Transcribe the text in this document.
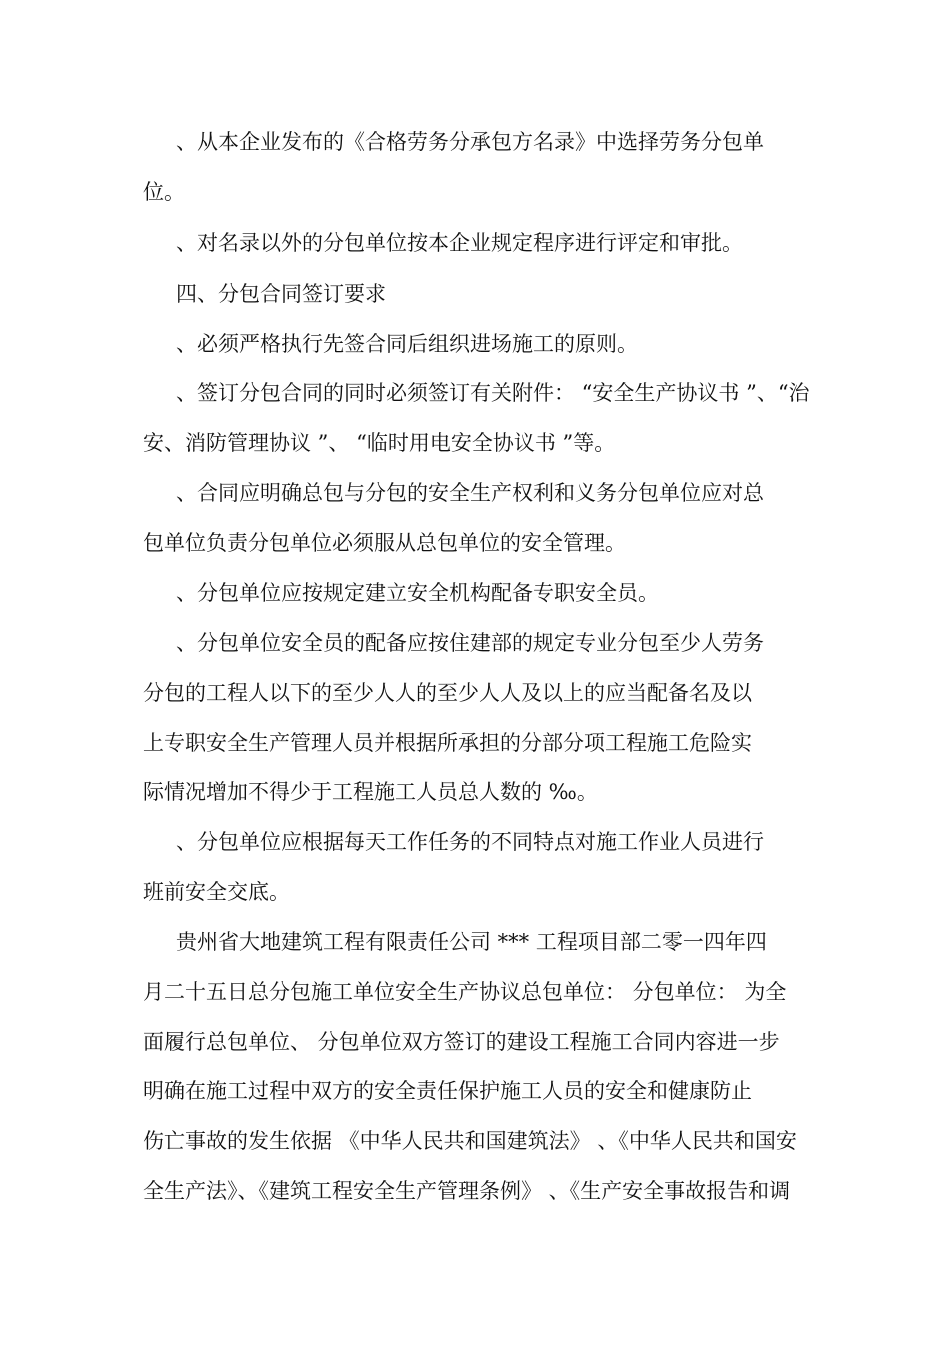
、从本企业发布的《合格劳务分承包方名录》中选择劳务分包单
位。
、对名录以外的分包单位按本企业规定程序进行评定和审批。
四、分包合同签订要求
、必须严格执行先签合同后组织进场施工的原则。
、签订分包合同的同时必须签订有关附件： “安全生产协议书 ”、“治
安、消防管理协议 ”、 “临时用电安全协议书 ”等。
、合同应明确总包与分包的安全生产权利和义务分包单位应对总
包单位负责分包单位必须服从总包单位的安全管理。
、分包单位应按规定建立安全机构配备专职安全员。
、分包单位安全员的配备应按住建部的规定专业分包至少人劳务
分包的工程人以下的至少人人的至少人人及以上的应当配备名及以
上专职安全生产管理人员并根据所承担的分部分项工程施工危险实
际情况增加不得少于工程施工人员总人数的 ‰。
、分包单位应根据每天工作任务的不同特点对施工作业人员进行
班前安全交底。
贵州省大地建筑工程有限责任公司 *** 工程项目部二零一四年四
月二十五日总分包施工单位安全生产协议总包单位： 分包单位： 为全
面履行总包单位、 分包单位双方签订的建设工程施工合同内容进一步
明确在施工过程中双方的安全责任保护施工人员的安全和健康防止
伤亡事故的发生依据 《中华人民共和国建筑法》 、《中华人民共和国安
全生产法》、《建筑工程安全生产管理条例》 、《生产安全事故报告和调
